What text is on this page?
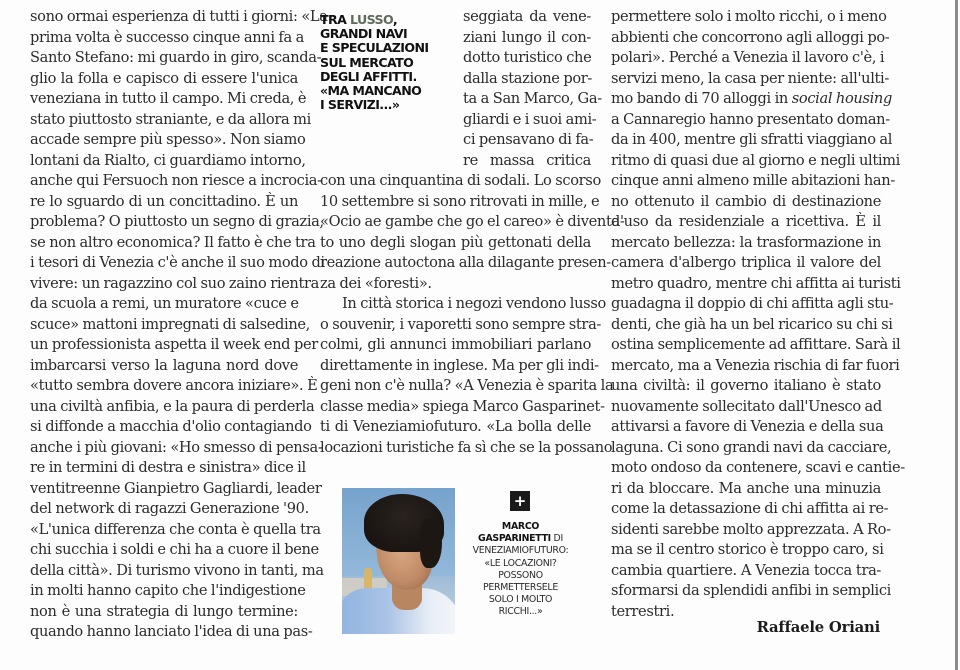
sono ormai esperienza di tutti i giorni: «La
prima volta è successo cinque anni fa a
Santo Stefano: mi guardo in giro, scanda-
glio la folla e capisco di essere l'unica
veneziana in tutto il campo. Mi creda, è
stato piuttosto straniante, e da allora mi
accade sempre più spesso». Non siamo
lontani da Rialto, ci guardiamo intorno,
anche qui Fersuoch non riesce a incrocia-
re lo sguardo di un concittadino. È un
problema? O piuttosto un segno di grazia,
se non altro economica? Il fatto è che tra
i tesori di Venezia c'è anche il suo modo di
vivere: un ragazzino col suo zaino rientra
da scuola a remi, un muratore «cuce e
scuce» mattoni impregnati di salsedine,
un professionista aspetta il week end per
imbarcarsi verso la laguna nord dove
«tutto sembra dovere ancora iniziare». È
una civiltà anfibia, e la paura di perderla
si diffonde a macchia d'olio contagiando
anche i più giovani: «Ho smesso di pensa-
re in termini di destra e sinistra» dice il
ventitreenne Gianpietro Gagliardi, leader
del network di ragazzi Generazione '90.
«L'unica differenza che conta è quella tra
chi succhia i soldi e chi ha a cuore il bene
della città». Di turismo vivono in tanti, ma
in molti hanno capito che l'indigestione
non è una strategia di lungo termine:
quando hanno lanciato l'idea di una pas-
TRA LUSSO,
GRANDI NAVI
E SPECULAZIONI
SUL MERCATO
DEGLI AFFITTI.
«MA MANCANO
I SERVIZI...»
seggiata da vene-
ziani lungo il con-
dotto turistico che
dalla stazione por-
ta a San Marco, Ga-
gliardi e i suoi ami-
ci pensavano di fa-
re massa critica
con una cinquantina di sodali. Lo scorso
10 settembre si sono ritrovati in mille, e
«Ocio ae gambe che go el careo» è diventa-
to uno degli slogan più gettonati della
reazione autoctona alla dilagante presen-
za dei «foresti».
In città storica i negozi vendono lusso
o souvenir, i vaporetti sono sempre stra-
colmi, gli annunci immobiliari parlano
direttamente in inglese. Ma per gli indi-
geni non c'è nulla? «A Venezia è sparita la
classe media» spiega Marco Gasparinet-
ti di Veneziamiofuturo. «La bolla delle
locazioni turistiche fa sì che se la possano
+
MARCO
GASPARINETTI DI
VENEZIAMIOFUTURO:
«LE LOCAZIONI?
POSSONO
PERMETTERSELE
SOLO I MOLTO
RICCHI...»
permettere solo i molto ricchi, o i meno
abbienti che concorrono agli alloggi po-
polari». Perché a Venezia il lavoro c'è, i
servizi meno, la casa per niente: all'ulti-
mo bando di 70 alloggi in social housing
a Cannaregio hanno presentato doman-
da in 400, mentre gli sfratti viaggiano al
ritmo di quasi due al giorno e negli ultimi
cinque anni almeno mille abitazioni han-
no ottenuto il cambio di destinazione
d'uso da residenziale a ricettiva. È il
mercato bellezza: la trasformazione in
camera d'albergo triplica il valore del
metro quadro, mentre chi affitta ai turisti
guadagna il doppio di chi affitta agli stu-
denti, che già ha un bel ricarico su chi si
ostina semplicemente ad affittare. Sarà il
mercato, ma a Venezia rischia di far fuori
una civiltà: il governo italiano è stato
nuovamente sollecitato dall'Unesco ad
attivarsi a favore di Venezia e della sua
laguna. Ci sono grandi navi da cacciare,
moto ondoso da contenere, scavi e cantie-
ri da bloccare. Ma anche una minuzia
come la detassazione di chi affitta ai re-
sidenti sarebbe molto apprezzata. A Ro-
ma se il centro storico è troppo caro, si
cambia quartiere. A Venezia tocca tra-
sformarsi da splendidi anfibi in semplici
terrestri.
Raffaele Oriani
